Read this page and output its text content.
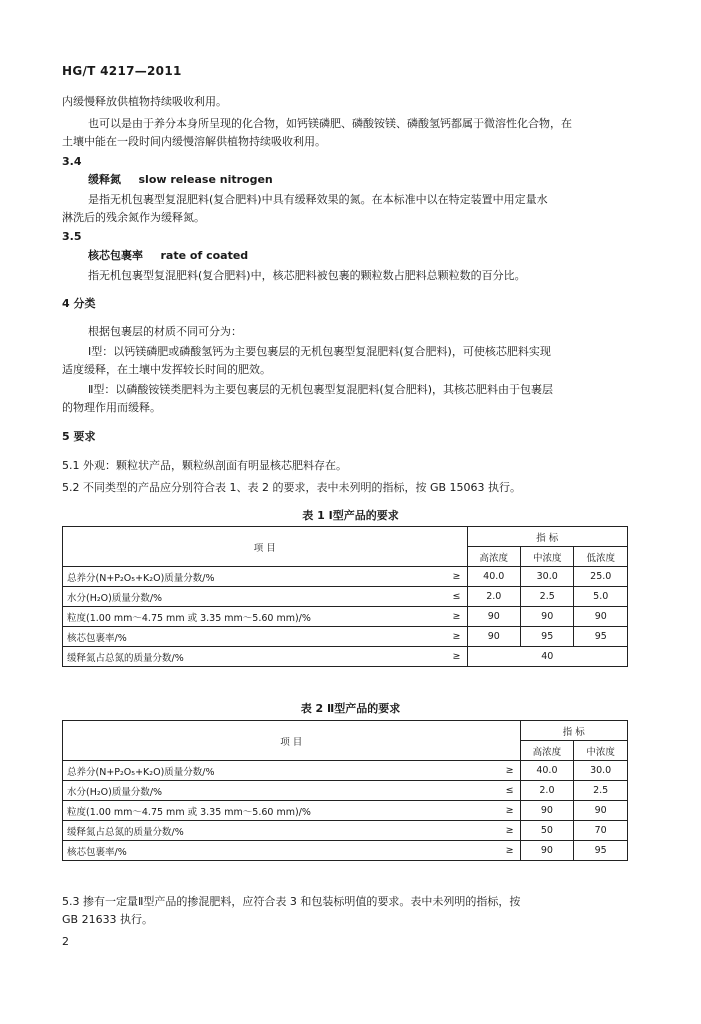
HG/T 4217—2011
内缓慢释放供植物持续吸收利用。
也可以是由于养分本身所呈现的化合物，如钙镁磷肥、磷酸铵镁、磷酸氢钙都属于微溶性化合物，在
土壤中能在一段时间内缓慢溶解供植物持续吸收利用。
3.4
缓释氮 slow release nitrogen
是指无机包裹型复混肥料(复合肥料)中具有缓释效果的氮。在本标准中以在特定装置中用定量水
淋洗后的残余氮作为缓释氮。
3.5
核芯包裹率 rate of coated
指无机包裹型复混肥料(复合肥料)中，核芯肥料被包裹的颗粒数占肥料总颗粒数的百分比。
4 分类
根据包裹层的材质不同可分为：
Ⅰ型：以钙镁磷肥或磷酸氢钙为主要包裹层的无机包裹型复混肥料(复合肥料)，可使核芯肥料实现
适度缓释，在土壤中发挥较长时间的肥效。
Ⅱ型：以磷酸铵镁类肥料为主要包裹层的无机包裹型复混肥料(复合肥料)，其核芯肥料由于包裹层
的物理作用而缓释。
5 要求
5.1 外观：颗粒状产品，颗粒纵剖面有明显核芯肥料存在。
5.2 不同类型的产品应分别符合表 1、表 2 的要求，表中未列明的指标，按 GB 15063 执行。
表 1 Ⅰ型产品的要求
项 目		指 标		
		高浓度	中浓度	低浓度
总养分(N+P₂O₅+K₂O)质量分数/%	≥	40.0	30.0	25.0
水分(H₂O)质量分数/%	≤	2.0	2.5	5.0
粒度(1.00 mm～4.75 mm 或 3.35 mm～5.60 mm)/%	≥	90	90	90
核芯包裹率/%	≥	90	95	95
缓释氮占总氮的质量分数/%	≥	40		
表 2 Ⅱ型产品的要求
项 目		指 标	
		高浓度	中浓度
总养分(N+P₂O₅+K₂O)质量分数/%	≥	40.0	30.0
水分(H₂O)质量分数/%	≤	2.0	2.5
粒度(1.00 mm～4.75 mm 或 3.35 mm～5.60 mm)/%	≥	90	90
缓释氮占总氮的质量分数/%	≥	50	70
核芯包裹率/%	≥	90	95
5.3 掺有一定量Ⅱ型产品的掺混肥料，应符合表 3 和包装标明值的要求。表中未列明的指标，按
GB 21633 执行。
2
